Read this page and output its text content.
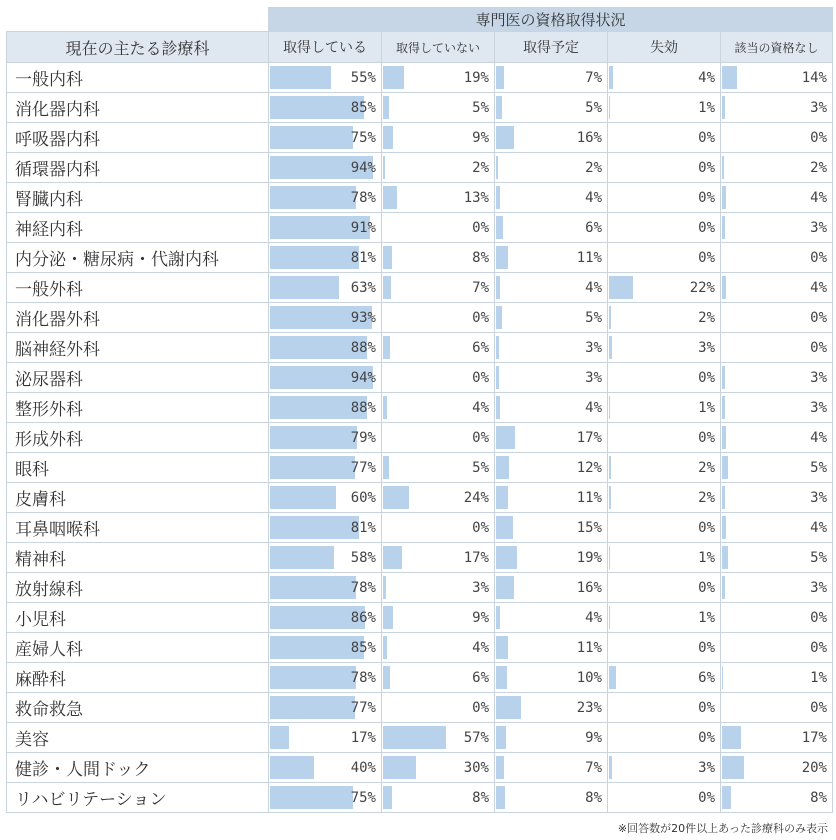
	専門医の資格取得状況				
現在の主たる診療科	取得している	取得していない	取得予定	失効	該当の資格なし
一般内科	55%	19%	7%	4%	14%

消化器内科	85%	5%	5%	1%	3%

呼吸器内科	75%	9%	16%	0%	0%

循環器内科	94%	2%	2%	0%	2%

腎臓内科	78%	13%	4%	0%	4%

神経内科	91%	0%	6%	0%	3%

内分泌・糖尿病・代謝内科	81%	8%	11%	0%	0%

一般外科	63%	7%	4%	22%	4%

消化器外科	93%	0%	5%	2%	0%

脳神経外科	88%	6%	3%	3%	0%

泌尿器科	94%	0%	3%	0%	3%

整形外科	88%	4%	4%	1%	3%

形成外科	79%	0%	17%	0%	4%

眼科	77%	5%	12%	2%	5%

皮膚科	60%	24%	11%	2%	3%

耳鼻咽喉科	81%	0%	15%	0%	4%

精神科	58%	17%	19%	1%	5%

放射線科	78%	3%	16%	0%	3%

小児科	86%	9%	4%	1%	0%

産婦人科	85%	4%	11%	0%	0%

麻酔科	78%	6%	10%	6%	1%

救命救急	77%	0%	23%	0%	0%

美容	17%	57%	9%	0%	17%

健診・人間ドック	40%	30%	7%	3%	20%

リハビリテーション	75%	8%	8%	0%	8%
※回答数が20件以上あった診療科のみ表示
